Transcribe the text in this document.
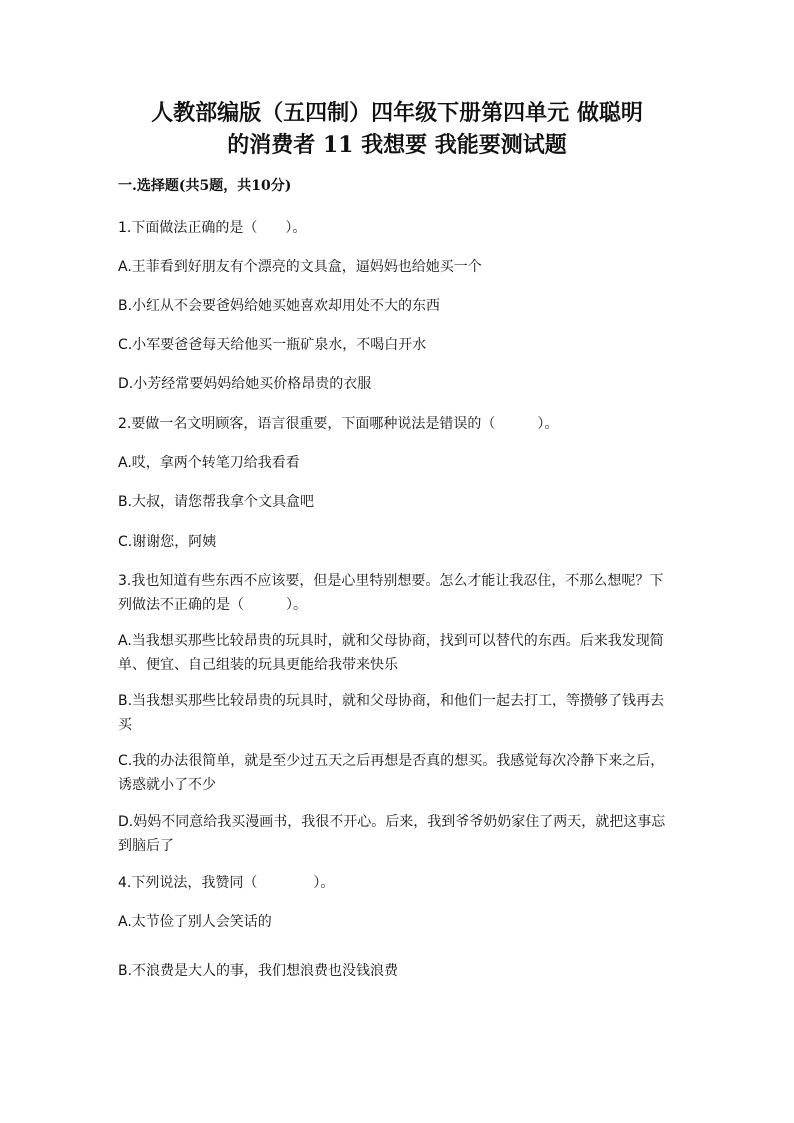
人教部编版（五四制）四年级下册第四单元 做聪明
的消费者 11 我想要 我能要测试题
一.选择题(共5题，共10分)
1.下面做法正确的是（　　）。
A.王菲看到好朋友有个漂亮的文具盒，逼妈妈也给她买一个
B.小红从不会要爸妈给她买她喜欢却用处不大的东西
C.小军要爸爸每天给他买一瓶矿泉水，不喝白开水
D.小芳经常要妈妈给她买价格昂贵的衣服
2.要做一名文明顾客，语言很重要，下面哪种说法是错误的（　　　）。
A.哎，拿两个转笔刀给我看看
B.大叔，请您帮我拿个文具盒吧
C.谢谢您，阿姨
3.我也知道有些东西不应该要，但是心里特别想要。怎么才能让我忍住，不那么想呢？下列做法不正确的是（　　　）。
A.当我想买那些比较昂贵的玩具时，就和父母协商，找到可以替代的东西。后来我发现简单、便宜、自己组装的玩具更能给我带来快乐
B.当我想买那些比较昂贵的玩具时，就和父母协商，和他们一起去打工，等攒够了钱再去买
C.我的办法很简单，就是至少过五天之后再想是否真的想买。我感觉每次冷静下来之后，诱惑就小了不少
D.妈妈不同意给我买漫画书，我很不开心。后来，我到爷爷奶奶家住了两天，就把这事忘到脑后了
4.下列说法，我赞同（　　　　）。
A.太节俭了别人会笑话的
B.不浪费是大人的事，我们想浪费也没钱浪费
